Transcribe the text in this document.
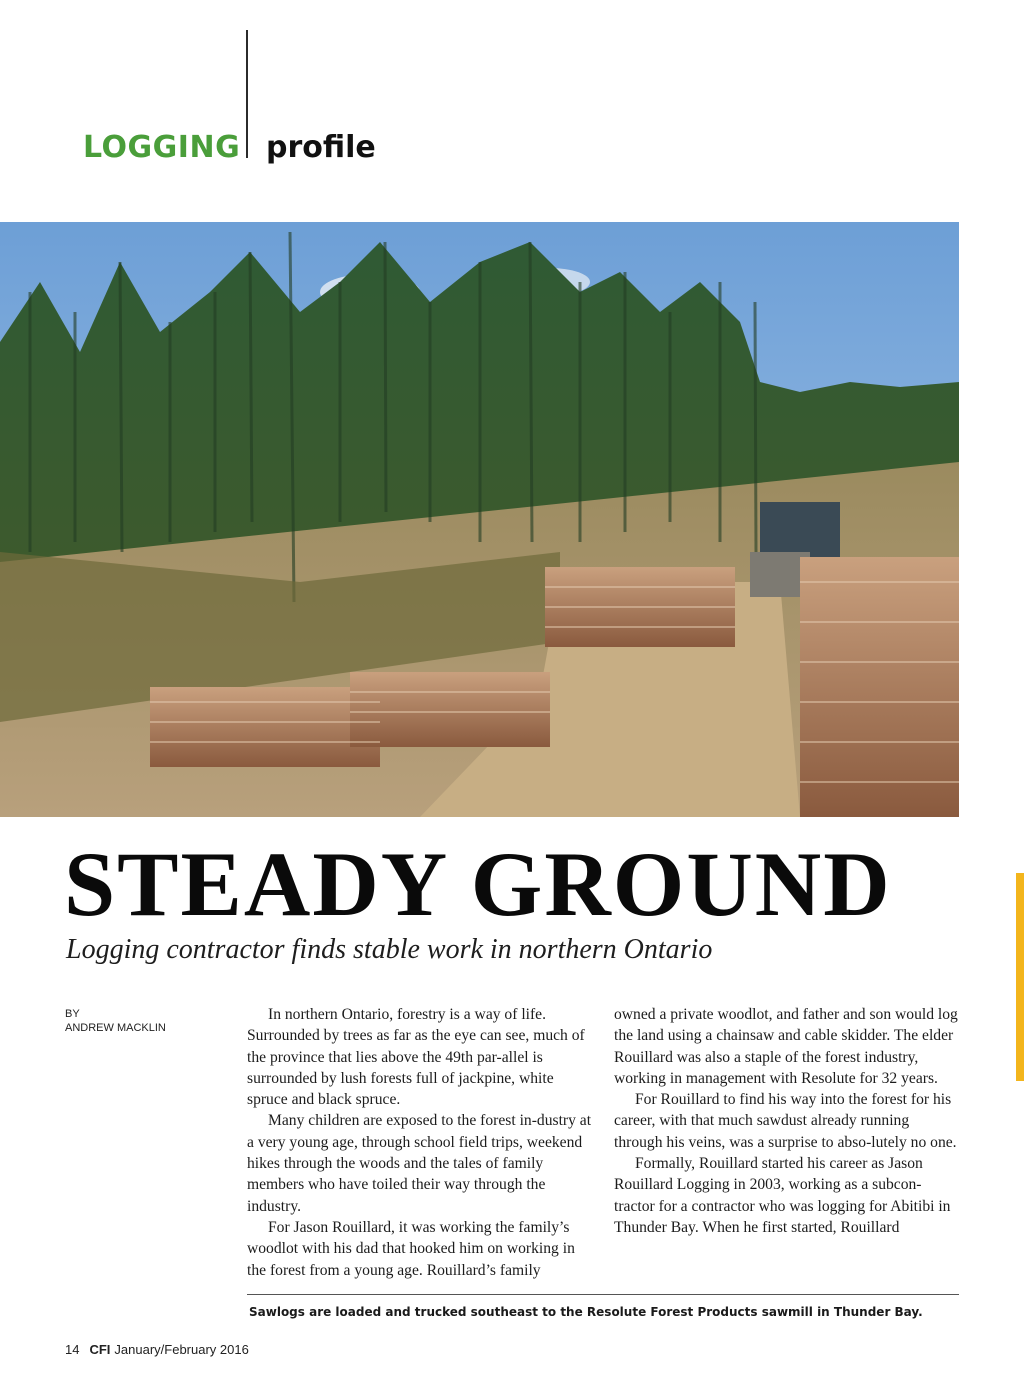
LOGGING profile
STEADY GROUND
Logging contractor finds stable work in northern Ontario
BY
ANDREW MACKLIN

In northern Ontario, forestry is a way of life. Surrounded by trees as far as the eye can see, much of the province that lies above the 49th par-allel is surrounded by lush forests full of jackpine, white spruce and black spruce.

Many children are exposed to the forest in-dustry at a very young age, through school field trips, weekend hikes through the woods and the tales of family members who have toiled their way through the industry.

For Jason Rouillard, it was working the family’s woodlot with his dad that hooked him on working in the forest from a young age. Rouillard’s family

owned a private woodlot, and father and son would log the land using a chainsaw and cable skidder. The elder Rouillard was also a staple of the forest industry, working in management with Resolute for 32 years.

For Rouillard to find his way into the forest for his career, with that much sawdust already running through his veins, was a surprise to abso-lutely no one.

Formally, Rouillard started his career as Jason Rouillard Logging in 2003, working as a subcon-tractor for a contractor who was logging for Abitibi in Thunder Bay. When he first started, Rouillard

Sawlogs are loaded and trucked southeast to the Resolute Forest Products sawmill in Thunder Bay.
14 CFI January/February 2016
